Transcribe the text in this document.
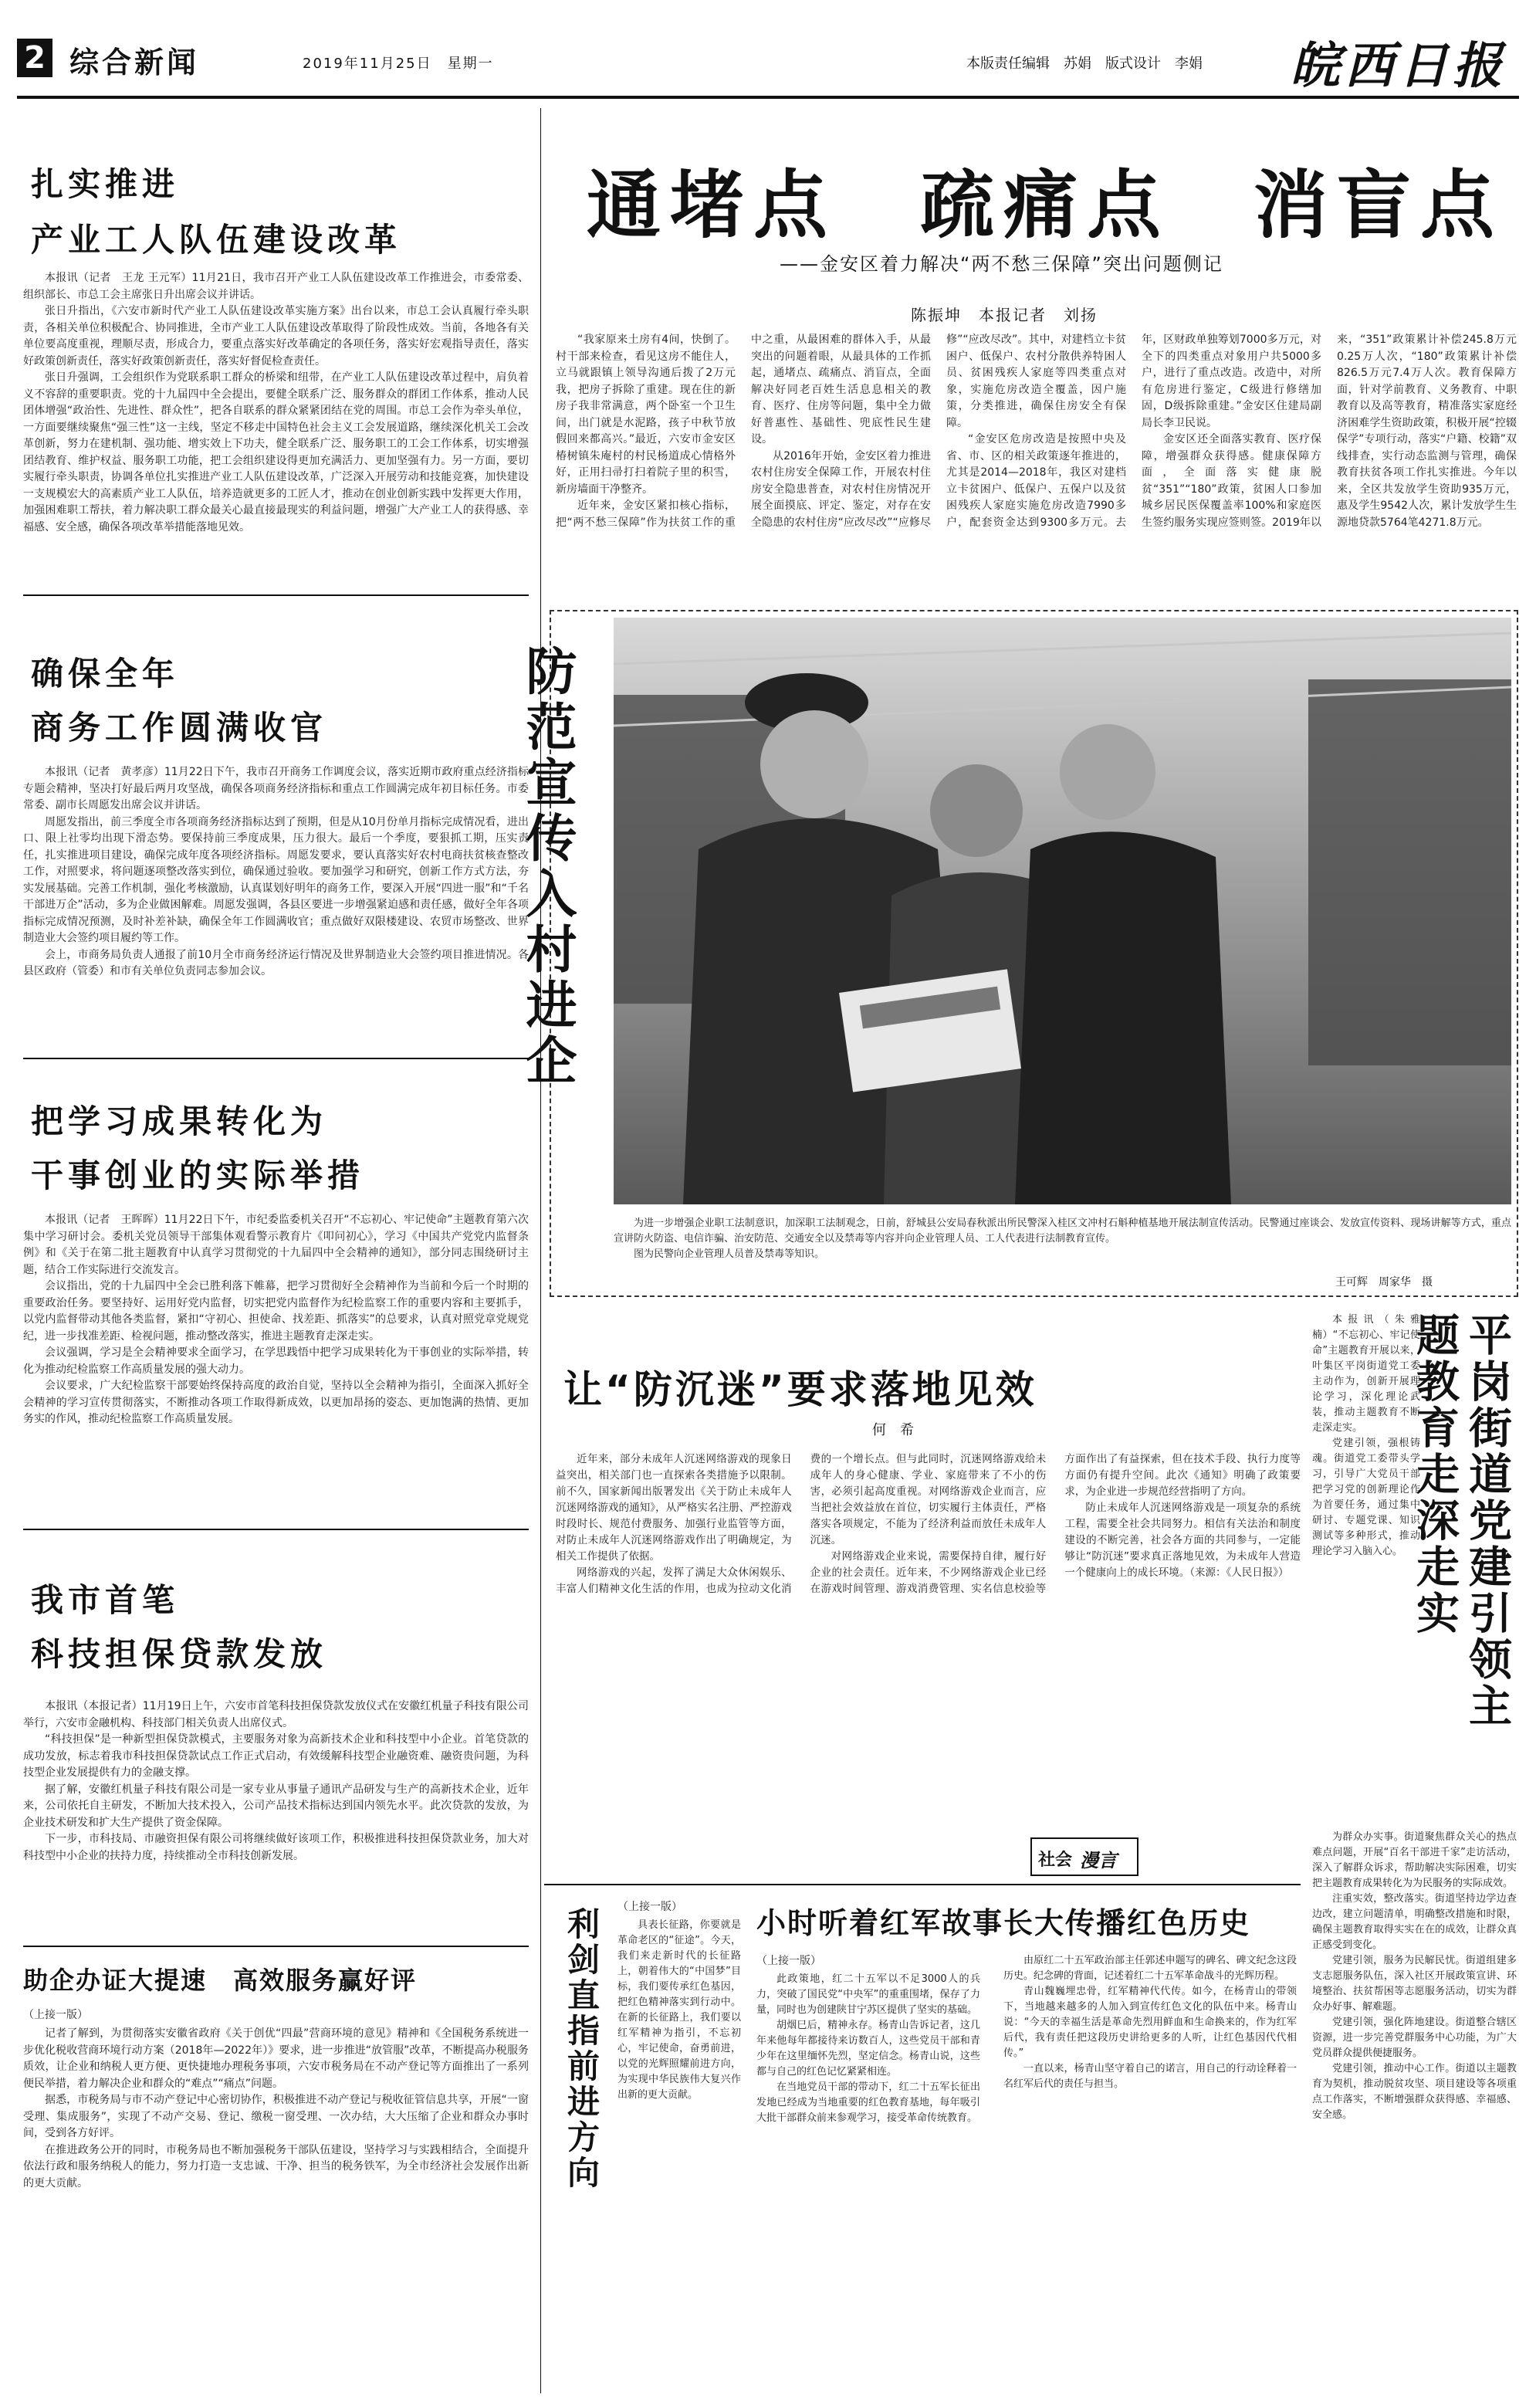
2 综合新闻	2019年11月25日　星期一	本版责任编辑　苏娟　版式设计　李娟 皖西日报
扎实推进
产业工人队伍建设改革

本报讯（记者　王龙 王元军）11月21日，我市召开产业工人队伍建设改革工作推进会，市委常委、组织部长、市总工会主席张日升出席会议并讲话。

张日升指出，《六安市新时代产业工人队伍建设改革实施方案》出台以来，市总工会认真履行牵头职责，各相关单位积极配合、协同推进，全市产业工人队伍建设改革取得了阶段性成效。当前，各地各有关单位要高度重视，理顺尽责，形成合力，要重点落实好改革确定的各项任务，落实好宏观指导责任，落实好政策创新责任，落实好政策创新责任，落实好督促检查责任。

张日升强调，工会组织作为党联系职工群众的桥梁和纽带，在产业工人队伍建设改革过程中，肩负着义不容辞的重要职责。党的十九届四中全会提出，要健全联系广泛、服务群众的群团工作体系，推动人民团体增强“政治性、先进性、群众性”，把各自联系的群众紧紧团结在党的周围。市总工会作为牵头单位，一方面要继续聚焦“强三性”这一主线，坚定不移走中国特色社会主义工会发展道路，继续深化机关工会改革创新，努力在建机制、强功能、增实效上下功夫，健全联系广泛、服务职工的工会工作体系，切实增强团结教育、维护权益、服务职工功能，把工会组织建设得更加充满活力、更加坚强有力。另一方面，要切实履行牵头职责，协调各单位扎实推进产业工人队伍建设改革，广泛深入开展劳动和技能竞赛，加快建设一支规模宏大的高素质产业工人队伍，培养造就更多的工匠人才，推动在创业创新实践中发挥更大作用，加强困难职工帮扶，着力解决职工群众最关心最直接最现实的利益问题，增强广大产业工人的获得感、幸福感、安全感，确保各项改革举措能落地见效。

确保全年
商务工作圆满收官

本报讯（记者　黄孝彦）11月22日下午，我市召开商务工作调度会议，落实近期市政府重点经济指标专题会精神，坚决打好最后两月攻坚战，确保各项商务经济指标和重点工作圆满完成年初目标任务。市委常委、副市长周愿发出席会议并讲话。

周愿发指出，前三季度全市各项商务经济指标达到了预期，但是从10月份单月指标完成情况看，进出口、限上社零均出现下滑态势。要保持前三季度成果，压力很大。最后一个季度，要狠抓工期，压实责任，扎实推进项目建设，确保完成年度各项经济指标。周愿发要求，要认真落实好农村电商扶贫核查整改工作，对照要求，将问题逐项整改落实到位，确保通过验收。要加强学习和研究，创新工作方式方法，夯实发展基础。完善工作机制，强化考核激励，认真谋划好明年的商务工作，要深入开展“四进一服”和“千名干部进万企”活动，多为企业做困解难。周愿发强调，各县区要进一步增强紧迫感和责任感，做好全年各项指标完成情况预测，及时补差补缺，确保全年工作圆满收官；重点做好双限楼建设、农贸市场整改、世界制造业大会签约项目履约等工作。

会上，市商务局负责人通报了前10月全市商务经济运行情况及世界制造业大会签约项目推进情况。各县区政府（管委）和市有关单位负责同志参加会议。

把学习成果转化为
干事创业的实际举措

本报讯（记者　王晖晖）11月22日下午，市纪委监委机关召开“不忘初心、牢记使命”主题教育第六次集中学习研讨会。委机关党员领导干部集体观看警示教育片《叩问初心》，学习《中国共产党党内监督条例》和《关于在第二批主题教育中认真学习贯彻党的十九届四中全会精神的通知》，部分同志围绕研讨主题，结合工作实际进行交流发言。

会议指出，党的十九届四中全会已胜利落下帷幕，把学习贯彻好全会精神作为当前和今后一个时期的重要政治任务。要坚持好、运用好党内监督，切实把党内监督作为纪检监察工作的重要内容和主要抓手，以党内监督带动其他各类监督，紧扣“守初心、担使命、找差距、抓落实”的总要求，认真对照党章党规党纪，进一步找准差距、检视问题，推动整改落实，推进主题教育走深走实。

会议强调，学习是全会精神要求全面学习，在学思践悟中把学习成果转化为干事创业的实际举措，转化为推动纪检监察工作高质量发展的强大动力。

会议要求，广大纪检监察干部要始终保持高度的政治自觉，坚持以全会精神为指引，全面深入抓好全会精神的学习宣传贯彻落实，不断推动各项工作取得新成效，以更加昂扬的姿态、更加饱满的热情、更加务实的作风，推动纪检监察工作高质量发展。

我市首笔
科技担保贷款发放

本报讯（本报记者）11月19日上午，六安市首笔科技担保贷款发放仪式在安徽红机量子科技有限公司举行，六安市金融机构、科技部门相关负责人出席仪式。

“科技担保”是一种新型担保贷款模式，主要服务对象为高新技术企业和科技型中小企业。首笔贷款的成功发放，标志着我市科技担保贷款试点工作正式启动，有效缓解科技型企业融资难、融资贵问题，为科技型企业发展提供有力的金融支撑。

据了解，安徽红机量子科技有限公司是一家专业从事量子通讯产品研发与生产的高新技术企业，近年来，公司依托自主研发，不断加大技术投入，公司产品技术指标达到国内领先水平。此次贷款的发放，为企业技术研发和扩大生产提供了资金保障。

下一步，市科技局、市融资担保有限公司将继续做好该项工作，积极推进科技担保贷款业务，加大对科技型中小企业的扶持力度，持续推动全市科技创新发展。

助企办证大提速　高效服务赢好评
（上接一版）

记者了解到，为贯彻落实安徽省政府《关于创优“四最”营商环境的意见》精神和《全国税务系统进一步优化税收营商环境行动方案（2018年—2022年）》要求，进一步推进“放管服”改革，不断提高办税服务质效，让企业和纳税人更方便、更快捷地办理税务事项，六安市税务局在不动产登记等方面推出了一系列便民举措，着力解决企业和群众的“难点”“痛点”问题。

据悉，市税务局与市不动产登记中心密切协作，积极推进不动产登记与税收征管信息共享，开展“一窗受理、集成服务”，实现了不动产交易、登记、缴税一窗受理、一次办结，大大压缩了企业和群众办事时间，受到各方好评。

在推进政务公开的同时，市税务局也不断加强税务干部队伍建设，坚持学习与实践相结合，全面提升依法行政和服务纳税人的能力，努力打造一支忠诚、干净、担当的税务铁军，为全市经济社会发展作出新的更大贡献。

通堵点　疏痛点　消盲点
——金安区着力解决“两不愁三保障”突出问题侧记
陈振坤　本报记者　刘扬

“我家原来土房有4间，快倒了。村干部来检查，看见这房不能住人，立马就跟镇上领导沟通后拨了2万元我，把房子拆除了重建。现在住的新房子我非常满意，两个卧室一个卫生间，出门就是水泥路，孩子中秋节放假回来都高兴。”最近，六安市金安区椿树镇朱庵村的村民杨道成心情格外好，正用扫帚打扫着院子里的积雪，新房墙面干净整齐。

近年来，金安区紧扣核心指标，把“两不愁三保障”作为扶贫工作的重中之重，从最困难的群体入手，从最突出的问题着眼，从最具体的工作抓起，通堵点、疏痛点、消盲点，全面解决好同老百姓生活息息相关的教育、医疗、住房等问题，集中全力做好普惠性、基础性、兜底性民生建设。

从2016年开始，金安区着力推进农村住房安全保障工作，开展农村住房安全隐患普查，对农村住房情况开展全面摸底、评定、鉴定，对存在安全隐患的农村住房“应改尽改”“应修尽修”“应改尽改”。其中，对建档立卡贫困户、低保户、农村分散供养特困人员、贫困残疾人家庭等四类重点对象，实施危房改造全覆盖，因户施策，分类推进，确保住房安全有保障。

“金安区危房改造是按照中央及省、市、区的相关政策逐年推进的，尤其是2014—2018年，我区对建档立卡贫困户、低保户、五保户以及贫困残疾人家庭实施危房改造7990多户，配套资金达到9300多万元。去年，区财政单独筹划7000多万元，对全下的四类重点对象用户共5000多户，进行了重点改造。改造中，对所有危房进行鉴定，C级进行修缮加固，D级拆除重建。”金安区住建局副局长李卫民说。

金安区还全面落实教育、医疗保障，增强群众获得感。健康保障方面，全面落实健康脱贫“351”“180”政策，贫困人口参加城乡居民医保覆盖率100%和家庭医生签约服务实现应签则签。2019年以来，“351”政策累计补偿245.8万元0.25万人次，“180”政策累计补偿826.5万元7.4万人次。教育保障方面，针对学前教育、义务教育、中职教育以及高等教育，精准落实家庭经济困难学生资助政策，积极开展“控辍保学”专项行动，落实“户籍、校籍”双线排查，实行动态监测与管理，确保教育扶贫各项工作扎实推进。今年以来，全区共发放学生资助935万元，惠及学生9542人次，累计发放学生生源地贷款5764笔4271.8万元。

防范宣传入村进企

为进一步增强企业职工法制意识，加深职工法制观念，日前，舒城县公安局春秋派出所民警深入桂区文冲村石斛种植基地开展法制宣传活动。民警通过座谈会、发放宣传资料、现场讲解等方式，重点宣讲防火防盗、电信诈骗、治安防范、交通安全以及禁毒等内容并向企业管理人员、工人代表进行法制教育宣传。

图为民警向企业管理人员普及禁毒等知识。

王可辉　周家华　摄
让“防沉迷”要求落地见效
何　希

近年来，部分未成年人沉迷网络游戏的现象日益突出，相关部门也一直探索各类措施予以限制。前不久，国家新闻出版署发出《关于防止未成年人沉迷网络游戏的通知》，从严格实名注册、严控游戏时段时长、规范付费服务、加强行业监管等方面，对防止未成年人沉迷网络游戏作出了明确规定，为相关工作提供了依据。

网络游戏的兴起，发挥了满足大众休闲娱乐、丰富人们精神文化生活的作用，也成为拉动文化消费的一个增长点。但与此同时，沉迷网络游戏给未成年人的身心健康、学业、家庭带来了不小的伤害，必须引起高度重视。对网络游戏企业而言，应当把社会效益放在首位，切实履行主体责任，严格落实各项规定，不能为了经济利益而放任未成年人沉迷。

对网络游戏企业来说，需要保持自律，履行好企业的社会责任。近年来，不少网络游戏企业已经在游戏时间管理、游戏消费管理、实名信息校验等方面作出了有益探索，但在技术手段、执行力度等方面仍有提升空间。此次《通知》明确了政策要求，为企业进一步规范经营指明了方向。

防止未成年人沉迷网络游戏是一项复杂的系统工程，需要全社会共同努力。相信有关法治和制度建设的不断完善，社会各方面的共同参与，一定能够让“防沉迷”要求真正落地见效，为未成年人营造一个健康向上的成长环境。（来源：《人民日报》）

社会 漫言
平岗街道党建引领主题教育走深走实

本报讯（朱雅楠）“不忘初心、牢记使命”主题教育开展以来，叶集区平岗街道党工委主动作为，创新开展理论学习，深化理论武装，推动主题教育不断走深走实。

党建引领，强根铸魂。街道党工委带头学习，引导广大党员干部把学习党的创新理论作为首要任务，通过集中研讨、专题党课、知识测试等多种形式，推动理论学习入脑入心。

为群众办实事。街道聚焦群众关心的热点难点问题，开展“百名干部进千家”走访活动，深入了解群众诉求，帮助解决实际困难，切实把主题教育成果转化为为民服务的实际成效。

注重实效，整改落实。街道坚持边学边查边改，建立问题清单，明确整改措施和时限，确保主题教育取得实实在在的成效，让群众真正感受到变化。

党建引领，服务为民解民忧。街道组建多支志愿服务队伍，深入社区开展政策宣讲、环境整治、扶贫帮困等志愿服务活动，切实为群众办好事、解难题。

党建引领，强化阵地建设。街道整合辖区资源，进一步完善党群服务中心功能，为广大党员群众提供便捷服务。

党建引领，推动中心工作。街道以主题教育为契机，推动脱贫攻坚、项目建设等各项重点工作落实，不断增强群众获得感、幸福感、安全感。

利剑直指前进方向 （上接一版）

具表长征路，你要就是革命老区的“征途”。今天，我们来走新时代的长征路上，朝着伟大的“中国梦”目标，我们要传承红色基因，把红色精神落实到行动中。在新的长征路上，我们要以红军精神为指引，不忘初心，牢记使命，奋勇前进，以党的光辉照耀前进方向，为实现中华民族伟大复兴作出新的更大贡献。

小时听着红军故事 长大传播红色历史
（上接一版）

此政策地，红二十五军以不足3000人的兵力，突破了国民党“中央军”的重重围堵，保存了力量，同时也为创建陕甘宁苏区提供了坚实的基础。

胡烟巳后，精神永存。杨青山告诉记者，这几年来他每年都接待来访数百人，这些党员干部和青少年在这里缅怀先烈，坚定信念。杨青山说，这些都与自己的红色记忆紧紧相连。

在当地党员干部的带动下，红二十五军长征出发地已经成为当地重要的红色教育基地，每年吸引大批干部群众前来参观学习，接受革命传统教育。

由原红二十五军政治部主任郭述申题写的碑名、碑文纪念这段历史。纪念碑的背面，记述着红二十五军革命战斗的光辉历程。

青山魏巍埋忠骨，红军精神代代传。如今，在杨青山的带领下，当地越来越多的人加入到宣传红色文化的队伍中来。杨青山说：“今天的幸福生活是革命先烈用鲜血和生命换来的，作为红军后代，我有责任把这段历史讲给更多的人听，让红色基因代代相传。”

一直以来，杨青山坚守着自己的诺言，用自己的行动诠释着一名红军后代的责任与担当。
